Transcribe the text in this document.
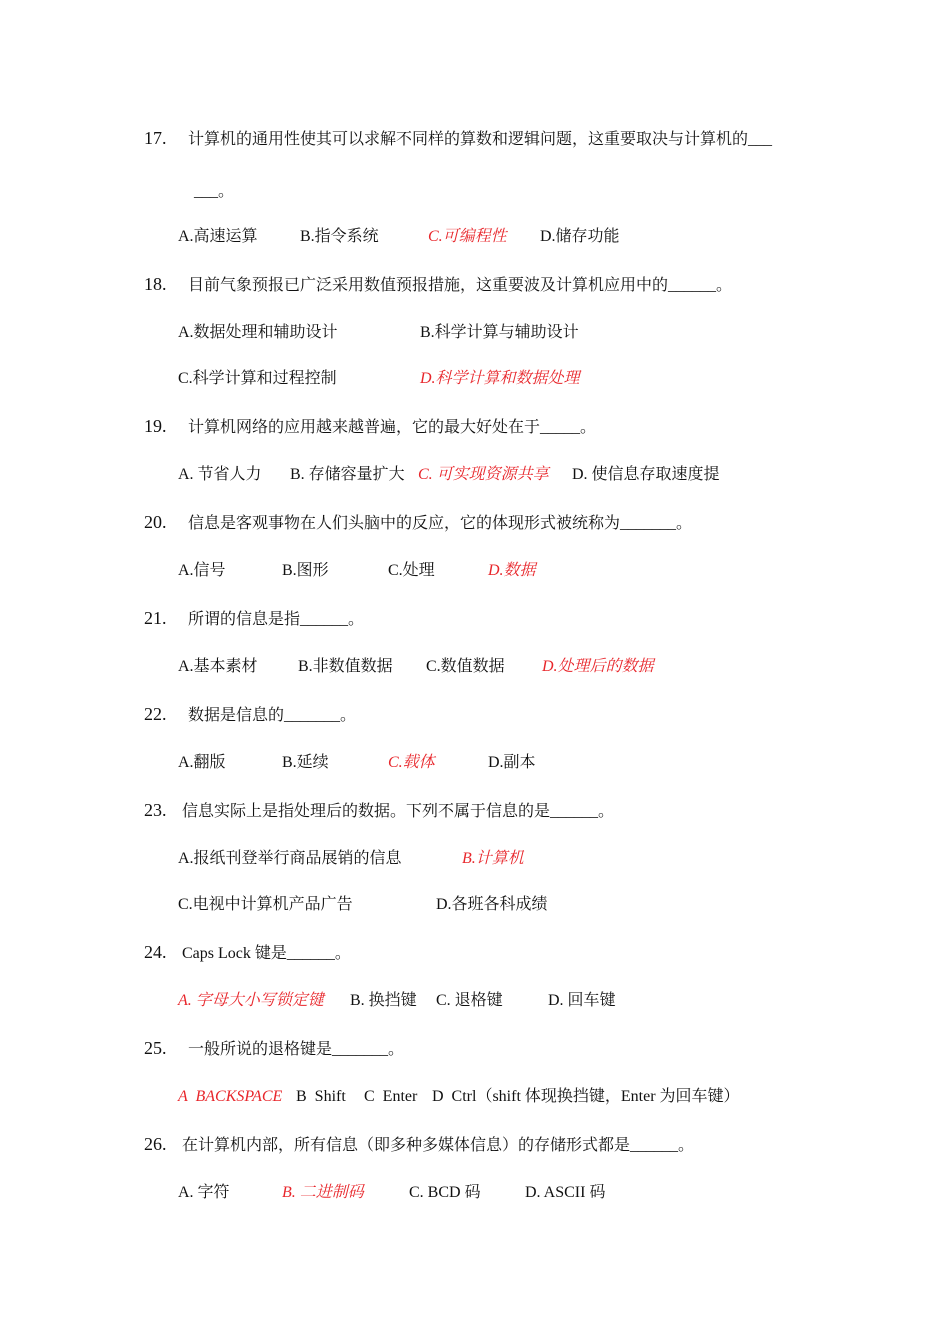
17. 计算机的通用性使其可以求解不同样的算数和逻辑问题，这重要取决与计算机的___
___。
A.高速运算	B.指令系统	C.可编程性 D.储存功能
18. 目前气象预报已广泛采用数值预报措施，这重要波及计算机应用中的______。
A.数据处理和辅助设计	B.科学计算与辅助设计
C.科学计算和过程控制	D.科学计算和数据处理
19. 计算机网络的应用越来越普遍，它的最大好处在于_____。
A. 节省人力 B. 存储容量扩大 C. 可实现资源共享 D. 使信息存取速度提
20. 信息是客观事物在人们头脑中的反应，它的体现形式被统称为_______。
A.信号	B.图形	C.处理	D.数据
21. 所谓的信息是指______。
A.基本素材	B.非数值数据 C.数值数据 D.处理后的数据
22. 数据是信息的_______。
A.翻版	B.延续	C.载体	D.副本
23. 信息实际上是指处理后的数据。下列不属于信息的是______。
A.报纸刊登举行商品展销的信息	B.计算机
C.电视中计算机产品广告	D.各班各科成绩
24. Caps Lock 键是______。
A. 字母大小写锁定键 B. 换挡键 C. 退格键	D. 回车键
25. 一般所说的退格键是_______。
A  BACKSPACE B  Shift C  Enter D  Ctrl（shift 体现换挡键，Enter 为回车键）
26. 在计算机内部，所有信息（即多种多媒体信息）的存储形式都是______。
A. 字符	B. 二进制码	C. BCD 码	D. ASCII 码
